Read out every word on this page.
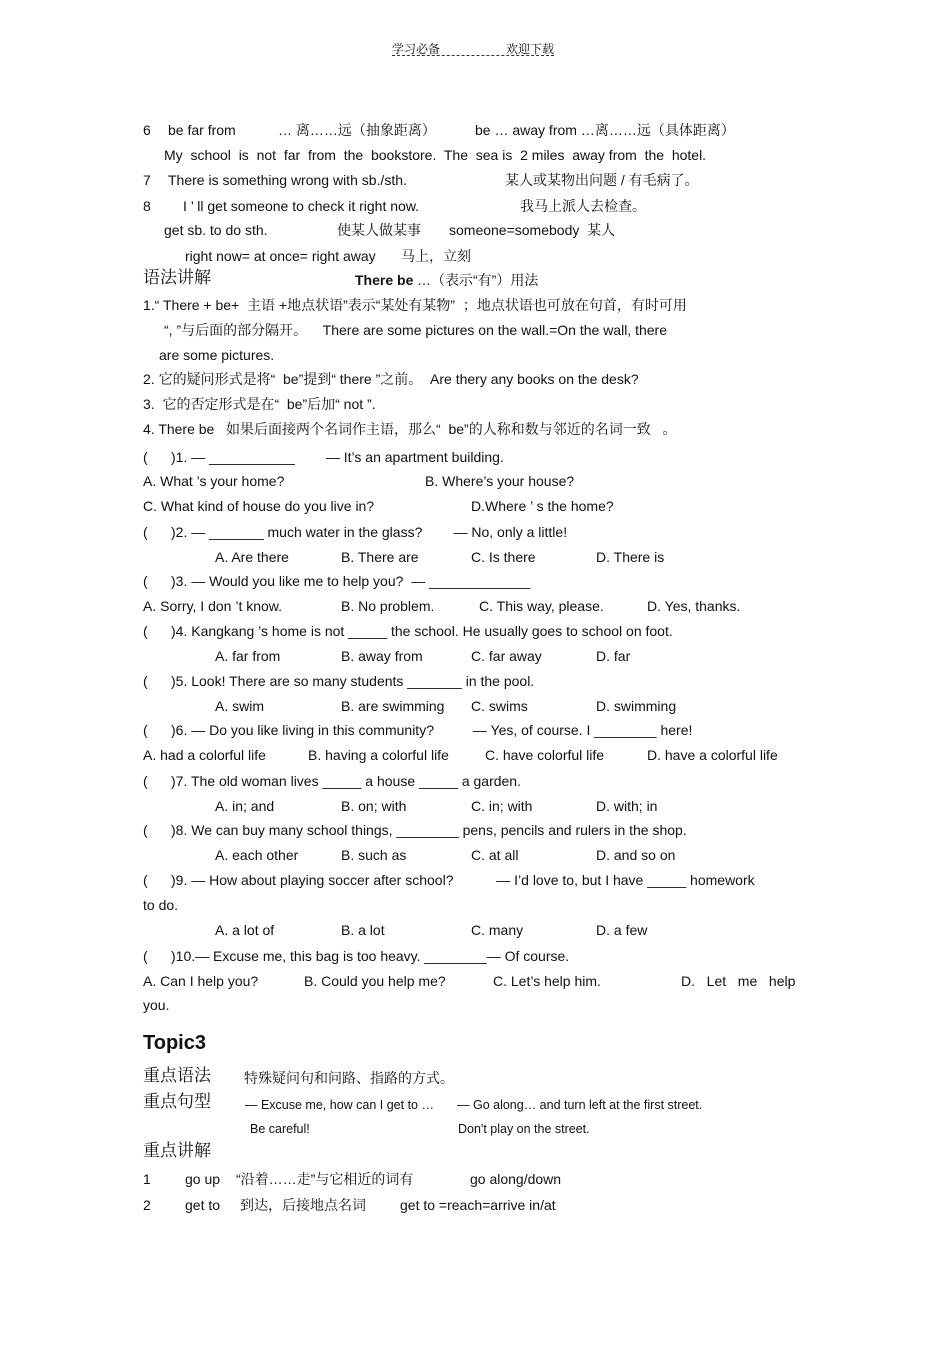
学习必备	欢迎下载
6 be far from	… 离……远（抽象距离）	be … away from …离……远（具体距离）
My  school  is  not  far  from  the  bookstore.  The  sea is  2 miles  away from  the  hotel.
7 There is something wrong with sb./sth.	某人或某物出问题 / 有毛病了。
8 I ’ ll get someone to check it right now.	我马上派人去检查。
get sb. to do sth.	使某人做某事 someone=somebody  某人
right now= at once= right away 马上，立刻
语法讲解	There be …（表示“有”）用法
1.“ There + be+  主语 +地点状语”表示“某处有某物”  ；地点状语也可放在句首，有时可用
“, ”与后面的部分隔开。    There are some pictures on the wall.=On the wall, there
are some pictures.
2. 它的疑问形式是将“  be”提到“ there ”之前。  Are thery any books on the desk?
3.  它的否定形式是在“  be”后加“ not ”.
4. There be   如果后面接两个名词作主语，那么“  be”的人称和数与邻近的名词一致   。
(      )1. — ___________        — It’s an apartment building.
A. What ’s your home?	B. Where’s your house?
C. What kind of house do you live in?	D.Where ’ s the home?
(      )2. — _______ much water in the glass?        — No, only a little!
A. Are there	B. There are	C. Is there	D. There is
(      )3. — Would you like me to help you?  — _____________
A. Sorry, I don ’t know.	B. No problem.	C. This way, please.	D. Yes, thanks.
(      )4. Kangkang ’s home is not _____ the school. He usually goes to school on foot.
A. far from	B. away from	C. far away	D. far
(      )5. Look! There are so many students _______ in the pool.
A. swim	B. are swimming C. swims	D. swimming
(      )6. — Do you like living in this community?          — Yes, of course. I ________ here!
A. had a colorful life	B. having a colorful life	C. have colorful life	D. have a colorful life
(      )7. The old woman lives _____ a house _____ a garden.
A. in; and	B. on; with	C. in; with	D. with; in
(      )8. We can buy many school things, ________ pens, pencils and rulers in the shop.
A. each other	B. such as	C. at all	D. and so on
(      )9. — How about playing soccer after school?           — I’d love to, but I have _____ homework
to do.
A. a lot of	B. a lot	C. many	D. a few
(      )10.— Excuse me, this bag is too heavy. ________— Of course.
A. Can I help you?	B. Could you help me?	C. Let’s help him.	D.   Let   me   help
you.
Topic3
重点语法 特殊疑问句和问路、指路的方式。
重点句型	— Excuse me, how can I get to … — Go along… and turn left at the first street.
Be careful!	Don't play on the street.
重点讲解
1 go up “沿着……走”与它相近的词有	go along/down
2 get to 到达，后接地点名词 get to =reach=arrive in/at
